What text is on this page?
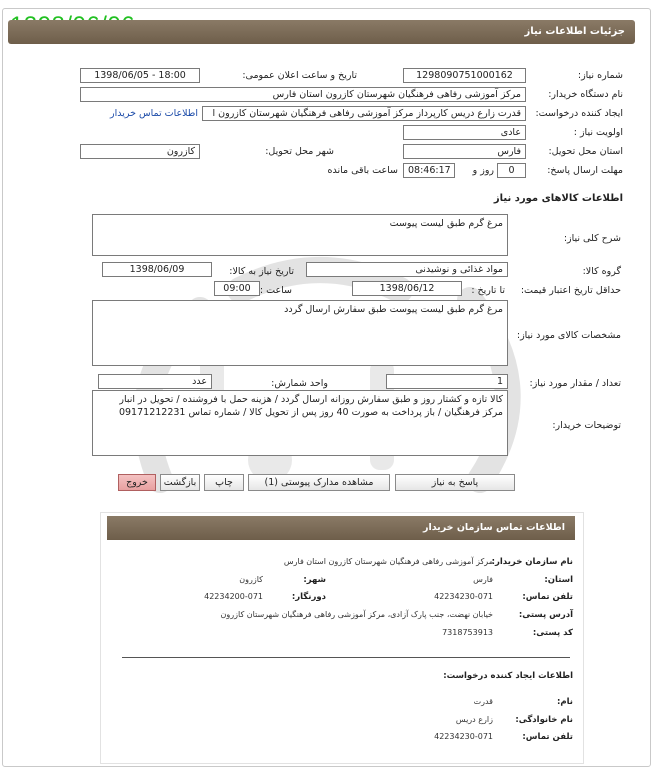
جزئیات اطلاعات نیاز
شماره نیاز:
1298090751000162
تاریخ و ساعت اعلان عمومی:
1398/06/05 - 18:00
نام دستگاه خریدار:
مرکز آموزشی رفاهی فرهنگیان شهرستان کازرون استان فارس
ایجاد کننده درخواست:
قدرت زارع دریس کارپرداز مرکز آموزشی رفاهی فرهنگیان شهرستان کازرون ا
اطلاعات تماس خریدار
اولویت نیاز :
عادی
استان محل تحویل:
فارس
شهر محل تحویل:
کازرون
مهلت ارسال پاسخ:
0
روز و
08:46:17
ساعت باقی مانده
اطلاعات کالاهای مورد نیاز
شرح کلی نیاز:
مرغ گرم طبق لیست پیوست
گروه کالا:
مواد غذائی و نوشیدنی
تاریخ نیاز به کالا:
1398/06/09
حداقل تاریخ اعتبار قیمت:
تا تاریخ :
1398/06/12
ساعت :
09:00
مشخصات کالای مورد نیاز:
مرغ گرم طبق لیست پیوست طبق سفارش ارسال گردد
تعداد / مقدار مورد نیاز:
1
واحد شمارش:
عدد
توضیحات خریدار:
کالا تازه و کشتار روز و طبق سفارش روزانه ارسال گردد / هزینه حمل با فروشنده / تحویل در انبار مرکز فرهنگیان / باز پرداخت به صورت 40 روز پس از تحویل کالا / شماره تماس 09171212231
پاسخ به نیاز
مشاهده مدارک پیوستی (1)
چاپ
بازگشت
خروج
اطلاعات تماس سازمان خریدار
نام سازمان خریدار:
مرکز آموزشی رفاهی فرهنگیان شهرستان کازرون استان فارس
استان:
فارس
شهر:
کازرون
تلفن تماس:
42234230-071
دورنگار:
42234200-071
آدرس پستی:
خیابان نهضت، جنب پارک آزادی، مرکز آموزشی رفاهی فرهنگیان شهرستان کازرون
کد پستی:
7318753913
اطلاعات ایجاد کننده درخواست:
نام:
قدرت
نام خانوادگی:
زارع دریس
تلفن تماس:
42234230-071
